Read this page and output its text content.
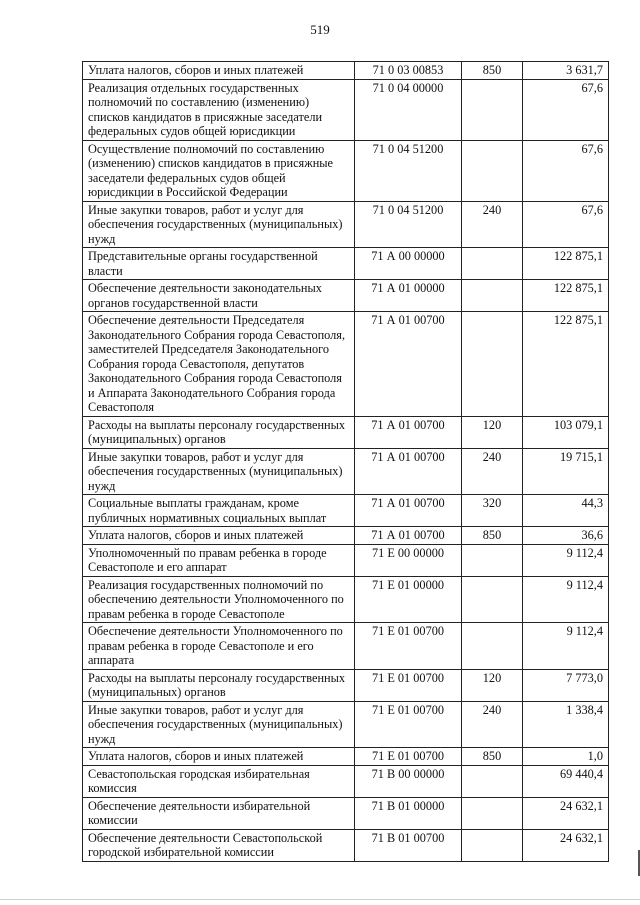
519
Уплата налогов, сборов и иных платежей	71 0 03 00853	850	3 631,7
Реализация отдельных государственных полномочий по составлению (изменению) списков кандидатов в присяжные заседатели федеральных судов общей юрисдикции	71 0 04 00000		67,6
Осуществление полномочий по составлению (изменению) списков кандидатов в присяжные заседатели федеральных судов общей юрисдикции в Российской Федерации	71 0 04 51200		67,6
Иные закупки товаров, работ и услуг для обеспечения государственных (муниципальных) нужд	71 0 04 51200	240	67,6
Представительные органы государственной власти	71 А 00 00000		122 875,1
Обеспечение деятельности законодательных органов государственной власти	71 А 01 00000		122 875,1
Обеспечение деятельности Председателя Законодательного Собрания города Севастополя, заместителей Председателя Законодательного Собрания города Севастополя, депутатов Законодательного Собрания города Севастополя и Аппарата Законодательного Собрания города Севастополя	71 А 01 00700		122 875,1
Расходы на выплаты персоналу государственных (муниципальных) органов	71 А 01 00700	120	103 079,1
Иные закупки товаров, работ и услуг для обеспечения государственных (муниципальных) нужд	71 А 01 00700	240	19 715,1
Социальные выплаты гражданам, кроме публичных нормативных социальных выплат	71 А 01 00700	320	44,3
Уплата налогов, сборов и иных платежей	71 А 01 00700	850	36,6
Уполномоченный по правам ребенка в городе Севастополе и его аппарат	71 Е 00 00000		9 112,4
Реализация государственных полномочий по обеспечению деятельности Уполномоченного по правам ребенка в городе Севастополе	71 Е 01 00000		9 112,4
Обеспечение деятельности Уполномоченного по правам ребенка в городе Севастополе и его аппарата	71 Е 01 00700		9 112,4
Расходы на выплаты персоналу государственных (муниципальных) органов	71 Е 01 00700	120	7 773,0
Иные закупки товаров, работ и услуг для обеспечения государственных (муниципальных) нужд	71 Е 01 00700	240	1 338,4
Уплата налогов, сборов и иных платежей	71 Е 01 00700	850	1,0
Севастопольская городская избирательная комиссия	71 В 00 00000		69 440,4
Обеспечение деятельности избирательной комиссии	71 В 01 00000		24 632,1
Обеспечение деятельности Севастопольской городской избирательной комиссии	71 В 01 00700		24 632,1
